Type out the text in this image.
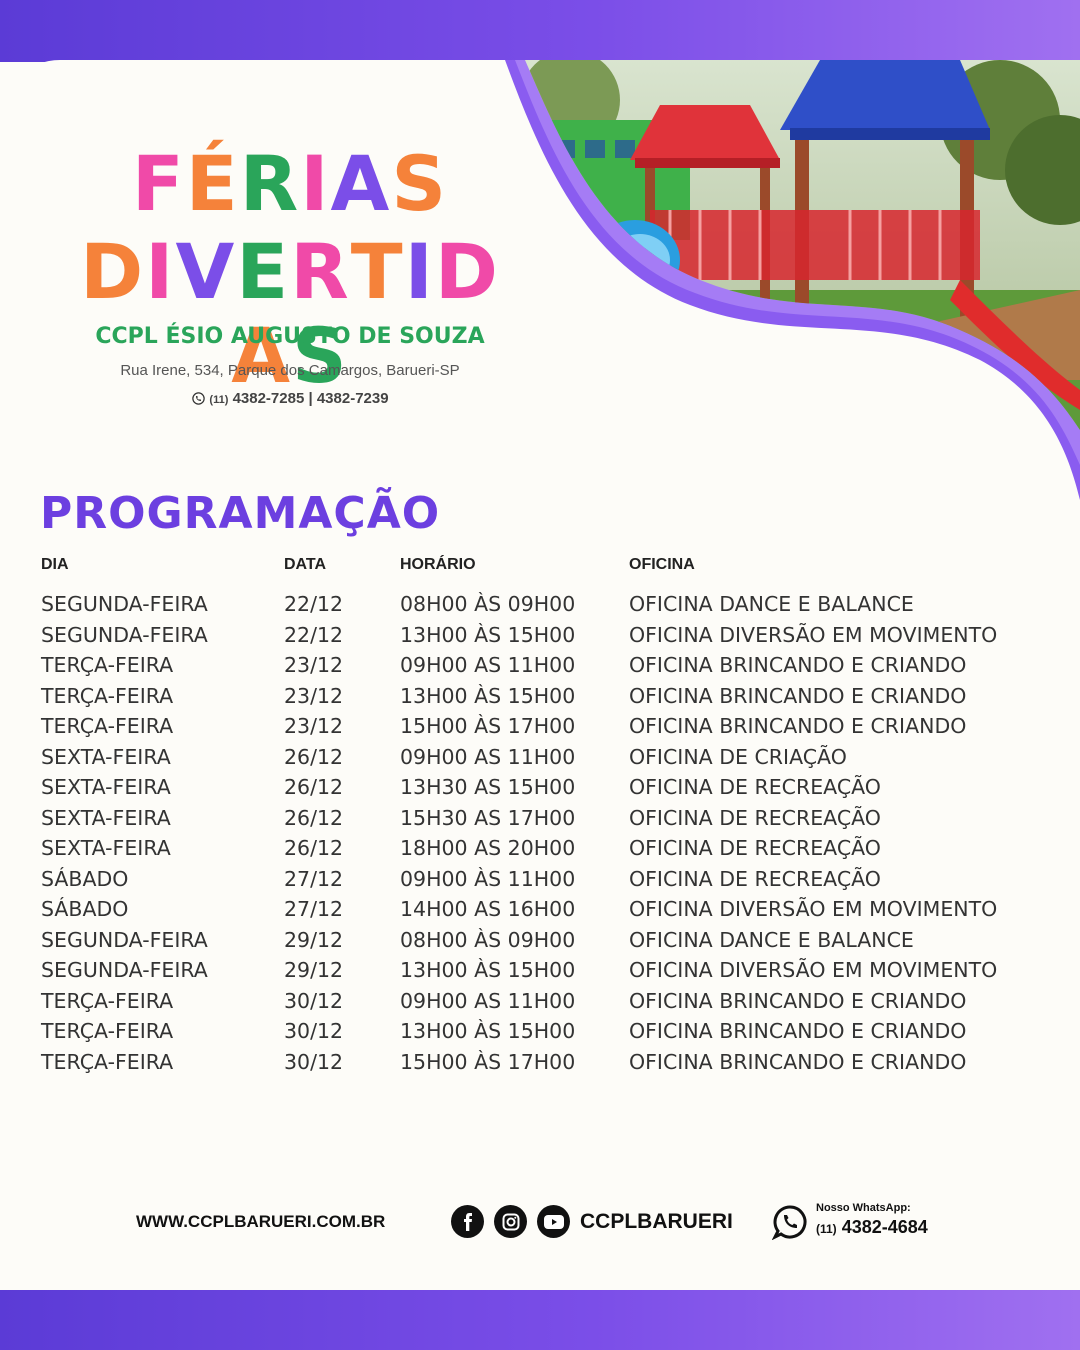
FÉRIAS
DIVERTIDAS
CCPL ÉSIO AUGUSTO DE SOUZA
Rua Irene, 534, Parque dos Camargos, Barueri-SP
(11) 4382-7285 | 4382-7239
PROGRAMAÇÃO
DIA	DATA	HORÁRIO	OFICINA
SEGUNDA-FEIRA	22/12	08H00 ÀS 09H00	OFICINA DANCE E BALANCE
SEGUNDA-FEIRA	22/12	13H00 ÀS 15H00	OFICINA DIVERSÃO EM MOVIMENTO
TERÇA-FEIRA	23/12	09H00 AS 11H00	OFICINA BRINCANDO E CRIANDO
TERÇA-FEIRA	23/12	13H00 ÀS 15H00	OFICINA BRINCANDO E CRIANDO
TERÇA-FEIRA	23/12	15H00 ÀS 17H00	OFICINA BRINCANDO E CRIANDO
SEXTA-FEIRA	26/12	09H00 AS 11H00	OFICINA DE CRIAÇÃO
SEXTA-FEIRA	26/12	13H30 AS 15H00	OFICINA DE RECREAÇÃO
SEXTA-FEIRA	26/12	15H30 AS 17H00	OFICINA DE RECREAÇÃO
SEXTA-FEIRA	26/12	18H00 AS 20H00	OFICINA DE RECREAÇÃO
SÁBADO	27/12	09H00 ÀS 11H00	OFICINA DE RECREAÇÃO
SÁBADO	27/12	14H00 AS 16H00	OFICINA DIVERSÃO EM MOVIMENTO
SEGUNDA-FEIRA	29/12	08H00 ÀS 09H00	OFICINA DANCE E BALANCE
SEGUNDA-FEIRA	29/12	13H00 ÀS 15H00	OFICINA DIVERSÃO EM MOVIMENTO
TERÇA-FEIRA	30/12	09H00 AS 11H00	OFICINA BRINCANDO E CRIANDO
TERÇA-FEIRA	30/12	13H00 ÀS 15H00	OFICINA BRINCANDO E CRIANDO
TERÇA-FEIRA	30/12	15H00 ÀS 17H00	OFICINA BRINCANDO E CRIANDO
WWW.CCPLBARUERI.COM.BR	CCPLBARUERI
Nosso WhatsApp:
(11) 4382-4684
